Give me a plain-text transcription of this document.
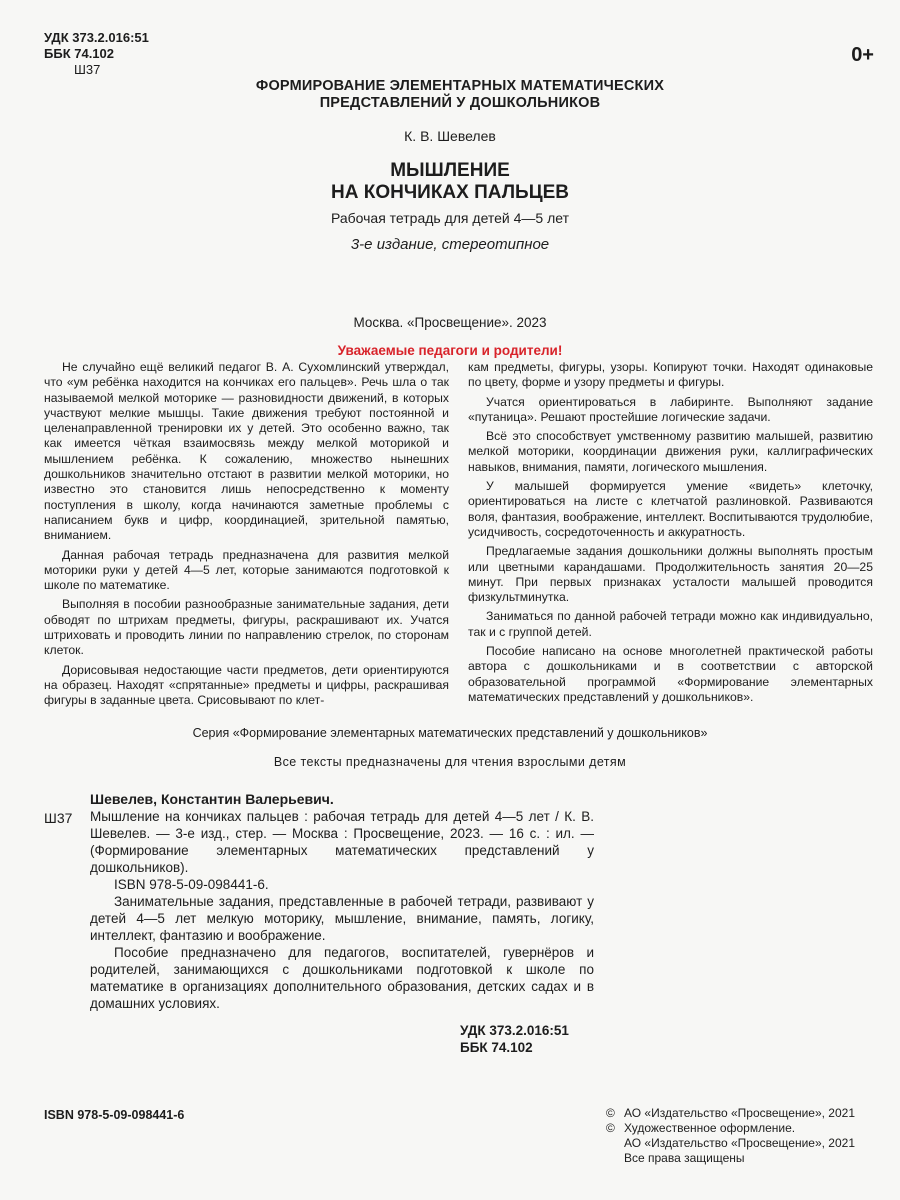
УДК 373.2.016:51
ББК 74.102
Ш37
0+
ФОРМИРОВАНИЕ ЭЛЕМЕНТАРНЫХ МАТЕМАТИЧЕСКИХ
ПРЕДСТАВЛЕНИЙ У ДОШКОЛЬНИКОВ
К. В. Шевелев
МЫШЛЕНИЕ
НА КОНЧИКАХ ПАЛЬЦЕВ
Рабочая тетрадь для детей 4—5 лет
3-е издание, стереотипное
Москва. «Просвещение». 2023
Уважаемые педагоги и родители!

Не случайно ещё великий педагог В. А. Сухомлинский утверждал, что «ум ребёнка находится на кончиках его пальцев». Речь шла о так называемой мелкой моторике — разновидности движений, в которых участвуют мелкие мышцы. Такие движения требуют постоянной и целенаправленной тренировки их у детей. Это особенно важно, так как имеется чёткая взаимосвязь между мелкой моторикой и мышлением ребёнка. К сожалению, множество нынешних дошкольников значительно отстают в развитии мелкой моторики, но известно это становится лишь непосредственно к моменту поступления в школу, когда начинаются заметные проблемы с написанием букв и цифр, координацией, зрительной памятью, вниманием.

Данная рабочая тетрадь предназначена для развития мелкой моторики руки у детей 4—5 лет, которые занимаются подготовкой к школе по математике.

Выполняя в пособии разнообразные занимательные задания, дети обводят по штрихам предметы, фигуры, раскрашивают их. Учатся штриховать и проводить линии по направлению стрелок, по сторонам клеток.

Дорисовывая недостающие части предметов, дети ориентируются на образец. Находят «спрятанные» предметы и цифры, раскрашивая фигуры в заданные цвета. Срисовывают по клет-

кам предметы, фигуры, узоры. Копируют точки. Находят одинаковые по цвету, форме и узору предметы и фигуры.

Учатся ориентироваться в лабиринте. Выполняют задание «путаница». Решают простейшие логические задачи.

Всё это способствует умственному развитию малышей, развитию мелкой моторики, координации движения руки, каллиграфических навыков, внимания, памяти, логического мышления.

У малышей формируется умение «видеть» клеточку, ориентироваться на листе с клетчатой разлиновкой. Развиваются воля, фантазия, воображение, интеллект. Воспитываются трудолюбие, усидчивость, сосредоточенность и аккуратность.

Предлагаемые задания дошкольники должны выполнять простым или цветными карандашами. Продолжительность занятия 20—25 минут. При первых признаках усталости малышей проводится физкультминутка.

Заниматься по данной рабочей тетради можно как индивидуально, так и с группой детей.

Пособие написано на основе многолетней практической работы автора с дошкольниками и в соответствии с авторской образовательной программой «Формирование элементарных математических представлений у дошкольников».

Серия «Формирование элементарных математических представлений у дошкольников»
Все тексты предназначены для чтения взрослыми детям
Шевелев, Константин Валерьевич.
Ш37 Мышление на кончиках пальцев : рабочая тетрадь для детей 4—5 лет / К. В. Шевелев. — 3-е изд., стер. — Москва : Просвещение, 2023. — 16 с. : ил. — (Формирование элементарных математических представлений у дошкольников).

ISBN 978-5-09-098441-6.

Занимательные задания, представленные в рабочей тетради, развивают у детей 4—5 лет мелкую моторику, мышление, внимание, память, логику, интеллект, фантазию и воображение.

Пособие предназначено для педагогов, воспитателей, гувернёров и родителей, занимающихся с дошкольниками подготовкой к школе по математике в организациях дополнительного образования, детских садах и в домашних условиях.

УДК 373.2.016:51
ББК 74.102
ISBN 978-5-09-098441-6	© АО «Издательство «Просвещение», 2021
© Художественное оформление.
АО «Издательство «Просвещение», 2021
Все права защищены
